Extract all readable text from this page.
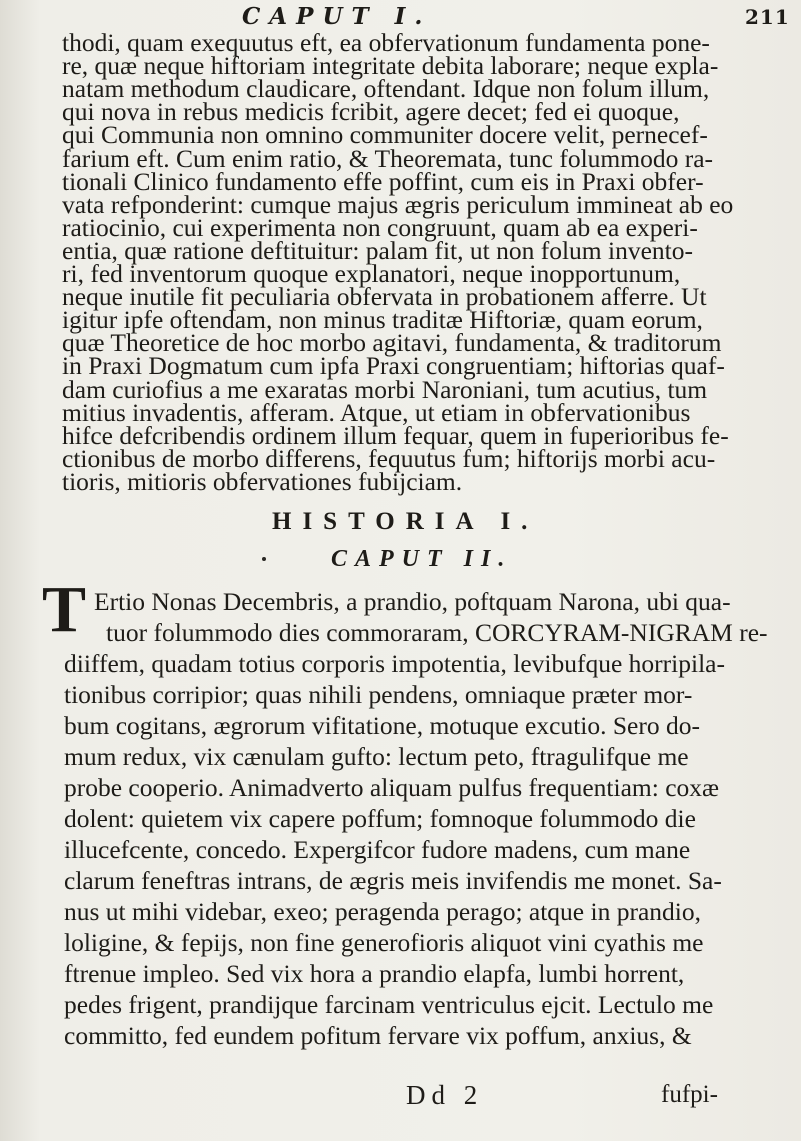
CAPUT I.	211
thodi, quam exequutus eft, ea obfervationum fundamenta pone-
re, quæ neque hiftoriam integritate debita laborare; neque expla-
natam methodum claudicare, oftendant. Idque non folum illum,
qui nova in rebus medicis fcribit, agere decet; fed ei quoque,
qui Communia non omnino communiter docere velit, pernecef-
farium eft. Cum enim ratio, & Theoremata, tunc folummodo ra-
tionali Clinico fundamento effe poffint, cum eis in Praxi obfer-
vata refponderint: cumque majus ægris periculum immineat ab eo
ratiocinio, cui experimenta non congruunt, quam ab ea experi-
entia, quæ ratione deftituitur: palam fit, ut non folum invento-
ri, fed inventorum quoque explanatori, neque inopportunum,
neque inutile fit peculiaria obfervata in probationem afferre. Ut
igitur ipfe oftendam, non minus traditæ Hiftoriæ, quam eorum,
quæ Theoretice de hoc morbo agitavi, fundamenta, & traditorum
in Praxi Dogmatum cum ipfa Praxi congruentiam; hiftorias quaf-
dam curiofius a me exaratas morbi Naroniani, tum acutius, tum
mitius invadentis, afferam. Atque, ut etiam in obfervationibus
hifce defcribendis ordinem illum fequar, quem in fuperioribus fe-
ctionibus de morbo differens, fequutus fum; hiftorijs morbi acu-
tioris, mitioris obfervationes fubijciam.
HISTORIA I.
CAPUT II.
T Ertio Nonas Decembris, a prandio, poftquam Narona, ubi qua-
tuor folummodo dies commoraram, CORCYRAM-NIGRAM re-
diiffem, quadam totius corporis impotentia, levibufque horripila-
tionibus corripior; quas nihili pendens, omniaque præter mor-
bum cogitans, ægrorum vifitatione, motuque excutio. Sero do-
mum redux, vix cænulam gufto: lectum peto, ftragulifque me
probe cooperio. Animadverto aliquam pulfus frequentiam: coxæ
dolent: quietem vix capere poffum; fomnoque folummodo die
illucefcente, concedo. Expergifcor fudore madens, cum mane
clarum feneftras intrans, de ægris meis invifendis me monet. Sa-
nus ut mihi videbar, exeo; peragenda perago; atque in prandio,
loligine, & fepijs, non fine generofioris aliquot vini cyathis me
ftrenue impleo. Sed vix hora a prandio elapfa, lumbi horrent,
pedes frigent, prandijque farcinam ventriculus ejcit. Lectulo me
committo, fed eundem pofitum fervare vix poffum, anxius, &
Dd 2	fufpi-
